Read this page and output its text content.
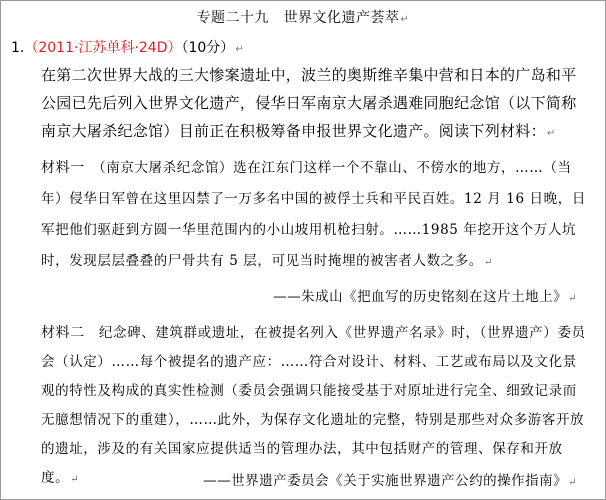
专题二十九　世界文化遗产荟萃↵
1.（2011·江苏单科·24D）（10分）↵
在第二次世界大战的三大惨案遗址中，波兰的奥斯维辛集中营和日本的广岛和平公园已先后列入世界文化遗产，侵华日军南京大屠杀遇难同胞纪念馆（以下简称南京大屠杀纪念馆）目前正在积极筹备申报世界文化遗产。阅读下列材料：↵
材料一　（南京大屠杀纪念馆）选在江东门这样一个不靠山、不傍水的地方，……（当年）侵华日军曾在这里囚禁了一万多名中国的被俘士兵和平民百姓。12 月 16 日晚，日军把他们驱赶到方圆一华里范围内的小山坡用机枪扫射。……1985 年挖开这个万人坑时，发现层层叠叠的尸骨共有 5 层，可见当时掩埋的被害者人数之多。↵
——朱成山《把血写的历史铭刻在这片土地上》↵
材料二　纪念碑、建筑群或遗址，在被提名列入《世界遗产名录》时，（世界遗产）委员会（认定）……每个被提名的遗产应：……符合对设计、材料、工艺或布局以及文化景观的特性及构成的真实性检测（委员会强调只能接受基于对原址进行完全、细致记录而无臆想情况下的重建），……此外，为保存文化遗址的完整，特别是那些对众多游客开放的遗址，涉及的有关国家应提供适当的管理办法，其中包括财产的管理、保存和开放度。↵	——世界遗产委员会《关于实施世界遗产公约的操作指南》↵
